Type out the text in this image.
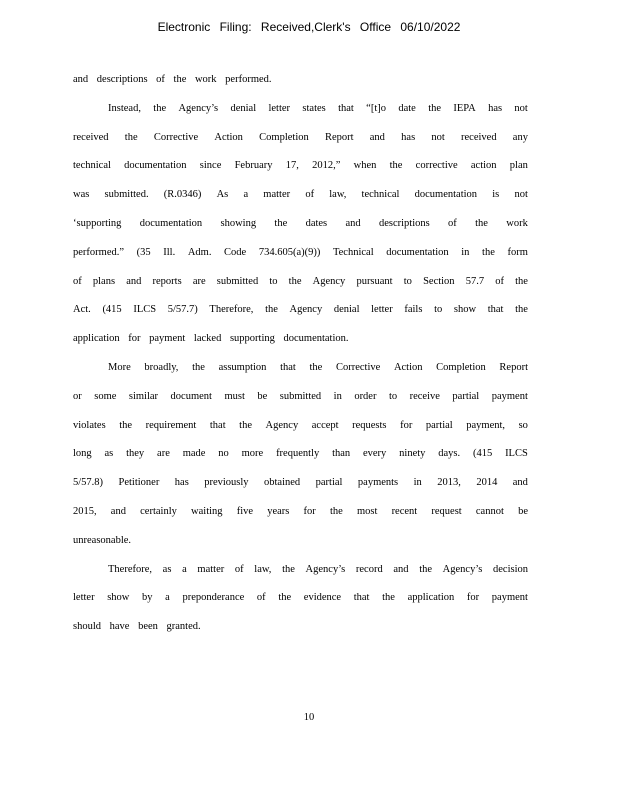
Electronic Filing: Received,Clerk's Office 06/10/2022
and descriptions of the work performed.
Instead, the Agency’s denial letter states that “[t]o date the IEPA has not
received the Corrective Action Completion Report and has not received any
technical documentation since February 17, 2012,” when the corrective action plan
was submitted. (R.0346) As a matter of law, technical documentation is not
‘supporting documentation showing the dates and descriptions of the work
performed.” (35 Ill. Adm. Code 734.605(a)(9)) Technical documentation in the form
of plans and reports are submitted to the Agency pursuant to Section 57.7 of the
Act. (415 ILCS 5/57.7) Therefore, the Agency denial letter fails to show that the
application for payment lacked supporting documentation.
More broadly, the assumption that the Corrective Action Completion Report
or some similar document must be submitted in order to receive partial payment
violates the requirement that the Agency accept requests for partial payment, so
long as they are made no more frequently than every ninety days. (415 ILCS
5/57.8) Petitioner has previously obtained partial payments in 2013, 2014 and
2015, and certainly waiting five years for the most recent request cannot be
unreasonable.
Therefore, as a matter of law, the Agency’s record and the Agency’s decision
letter show by a preponderance of the evidence that the application for payment
should have been granted.
10
